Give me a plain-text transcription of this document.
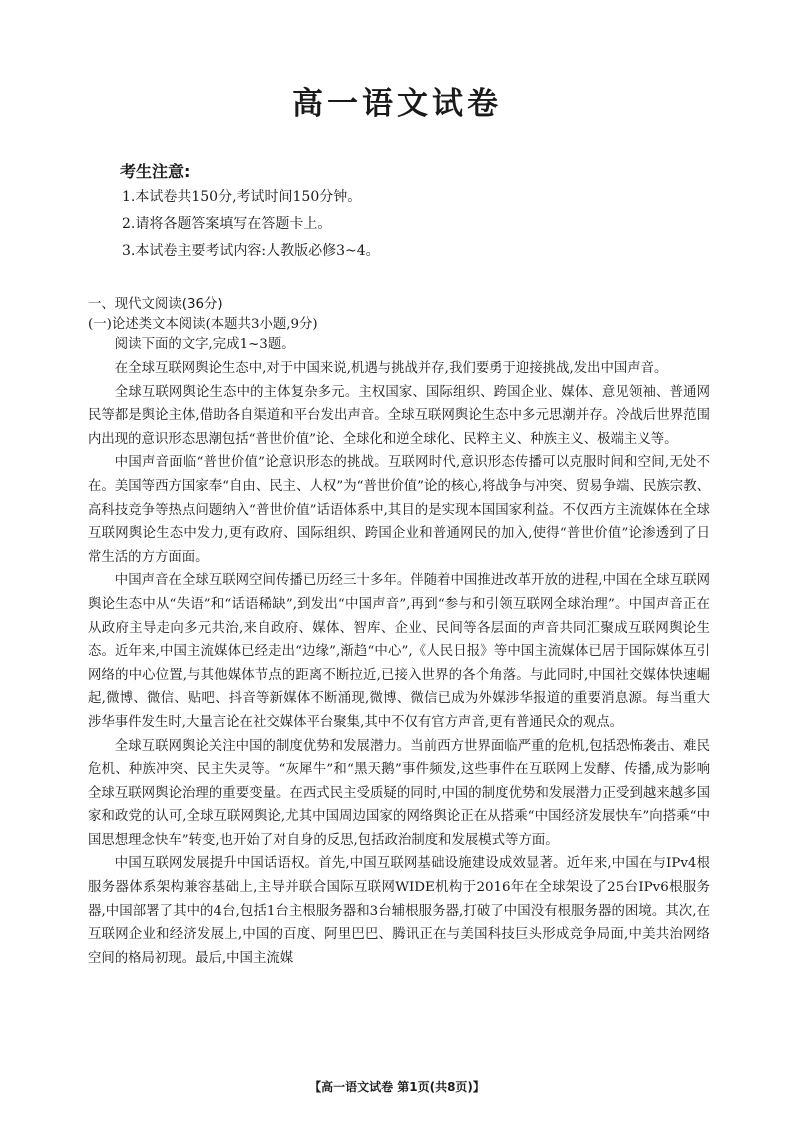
高一语文试卷
考生注意:
1.本试卷共150分,考试时间150分钟。
2.请将各题答案填写在答题卡上。
3.本试卷主要考试内容:人教版必修3~4。
一、现代文阅读(36分)
(一)论述类文本阅读(本题共3小题,9分)
阅读下面的文字,完成1~3题。

在全球互联网舆论生态中,对于中国来说,机遇与挑战并存,我们要勇于迎接挑战,发出中国声音。

全球互联网舆论生态中的主体复杂多元。主权国家、国际组织、跨国企业、媒体、意见领袖、普通网民等都是舆论主体,借助各自渠道和平台发出声音。全球互联网舆论生态中多元思潮并存。冷战后世界范围内出现的意识形态思潮包括“普世价值”论、全球化和逆全球化、民粹主义、种族主义、极端主义等。

中国声音面临“普世价值”论意识形态的挑战。互联网时代,意识形态传播可以克服时间和空间,无处不在。美国等西方国家奉“自由、民主、人权”为“普世价值”论的核心,将战争与冲突、贸易争端、民族宗教、高科技竞争等热点问题纳入“普世价值”话语体系中,其目的是实现本国国家利益。不仅西方主流媒体在全球互联网舆论生态中发力,更有政府、国际组织、跨国企业和普通网民的加入,使得“普世价值”论渗透到了日常生活的方方面面。

中国声音在全球互联网空间传播已历经三十多年。伴随着中国推进改革开放的进程,中国在全球互联网舆论生态中从“失语”和“话语稀缺”,到发出“中国声音”,再到“参与和引领互联网全球治理”。中国声音正在从政府主导走向多元共治,来自政府、媒体、智库、企业、民间等各层面的声音共同汇聚成互联网舆论生态。近年来,中国主流媒体已经走出“边缘”,渐趋“中心”,《人民日报》等中国主流媒体已居于国际媒体互引网络的中心位置,与其他媒体节点的距离不断拉近,已接入世界的各个角落。与此同时,中国社交媒体快速崛起,微博、微信、贴吧、抖音等新媒体不断涌现,微博、微信已成为外媒涉华报道的重要消息源。每当重大涉华事件发生时,大量言论在社交媒体平台聚集,其中不仅有官方声音,更有普通民众的观点。

全球互联网舆论关注中国的制度优势和发展潜力。当前西方世界面临严重的危机,包括恐怖袭击、难民危机、种族冲突、民主失灵等。“灰犀牛”和“黑天鹅”事件频发,这些事件在互联网上发酵、传播,成为影响全球互联网舆论治理的重要变量。在西式民主受质疑的同时,中国的制度优势和发展潜力正受到越来越多国家和政党的认可,全球互联网舆论,尤其中国周边国家的网络舆论正在从搭乘“中国经济发展快车”向搭乘“中国思想理念快车”转变,也开始了对自身的反思,包括政治制度和发展模式等方面。

中国互联网发展提升中国话语权。首先,中国互联网基础设施建设成效显著。近年来,中国在与IPv4根服务器体系架构兼容基础上,主导并联合国际互联网WIDE机构于2016年在全球架设了25台IPv6根服务器,中国部署了其中的4台,包括1台主根服务器和3台辅根服务器,打破了中国没有根服务器的困境。其次,在互联网企业和经济发展上,中国的百度、阿里巴巴、腾讯正在与美国科技巨头形成竞争局面,中美共治网络空间的格局初现。最后,中国主流媒

【高一语文试卷 第1页(共8页)】
